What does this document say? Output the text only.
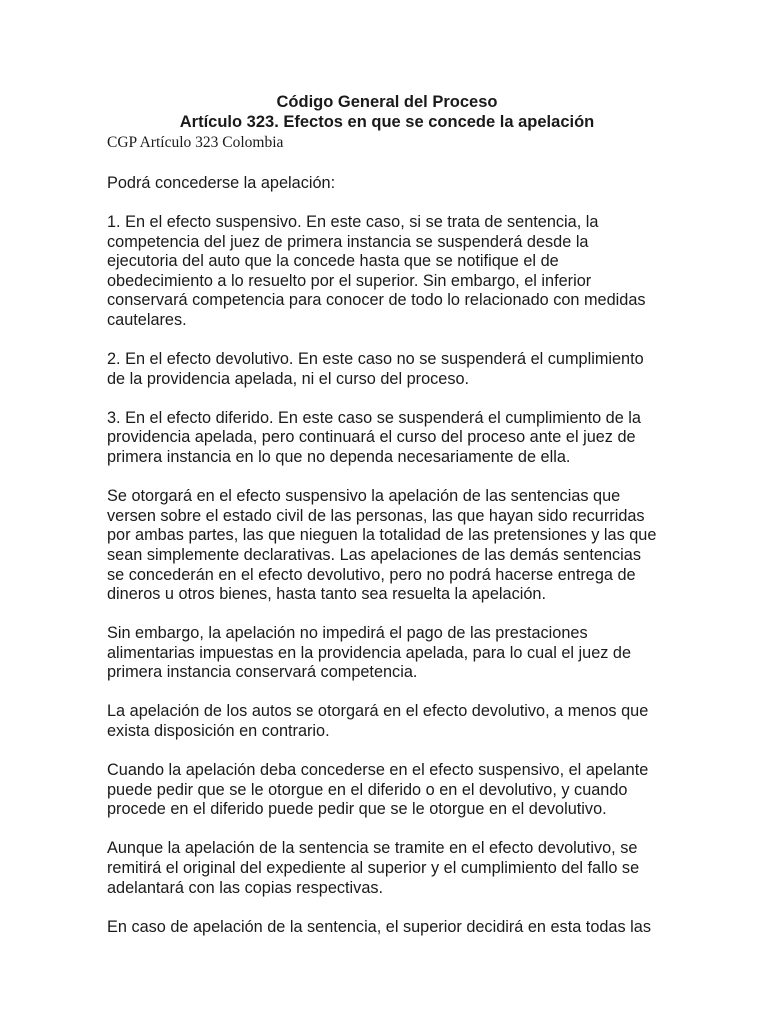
Código General del Proceso
Artículo 323. Efectos en que se concede la apelación

CGP Artículo 323 Colombia

Podrá concederse la apelación:

1. En el efecto suspensivo. En este caso, si se trata de sentencia, la
competencia del juez de primera instancia se suspenderá desde la
ejecutoria del auto que la concede hasta que se notifique el de
obedecimiento a lo resuelto por el superior. Sin embargo, el inferior
conservará competencia para conocer de todo lo relacionado con medidas
cautelares.

2. En el efecto devolutivo. En este caso no se suspenderá el cumplimiento
de la providencia apelada, ni el curso del proceso.

3. En el efecto diferido. En este caso se suspenderá el cumplimiento de la
providencia apelada, pero continuará el curso del proceso ante el juez de
primera instancia en lo que no dependa necesariamente de ella.

Se otorgará en el efecto suspensivo la apelación de las sentencias que
versen sobre el estado civil de las personas, las que hayan sido recurridas
por ambas partes, las que nieguen la totalidad de las pretensiones y las que
sean simplemente declarativas. Las apelaciones de las demás sentencias
se concederán en el efecto devolutivo, pero no podrá hacerse entrega de
dineros u otros bienes, hasta tanto sea resuelta la apelación.

Sin embargo, la apelación no impedirá el pago de las prestaciones
alimentarias impuestas en la providencia apelada, para lo cual el juez de
primera instancia conservará competencia.

La apelación de los autos se otorgará en el efecto devolutivo, a menos que
exista disposición en contrario.

Cuando la apelación deba concederse en el efecto suspensivo, el apelante
puede pedir que se le otorgue en el diferido o en el devolutivo, y cuando
procede en el diferido puede pedir que se le otorgue en el devolutivo.

Aunque la apelación de la sentencia se tramite en el efecto devolutivo, se
remitirá el original del expediente al superior y el cumplimiento del fallo se
adelantará con las copias respectivas.

En caso de apelación de la sentencia, el superior decidirá en esta todas las
